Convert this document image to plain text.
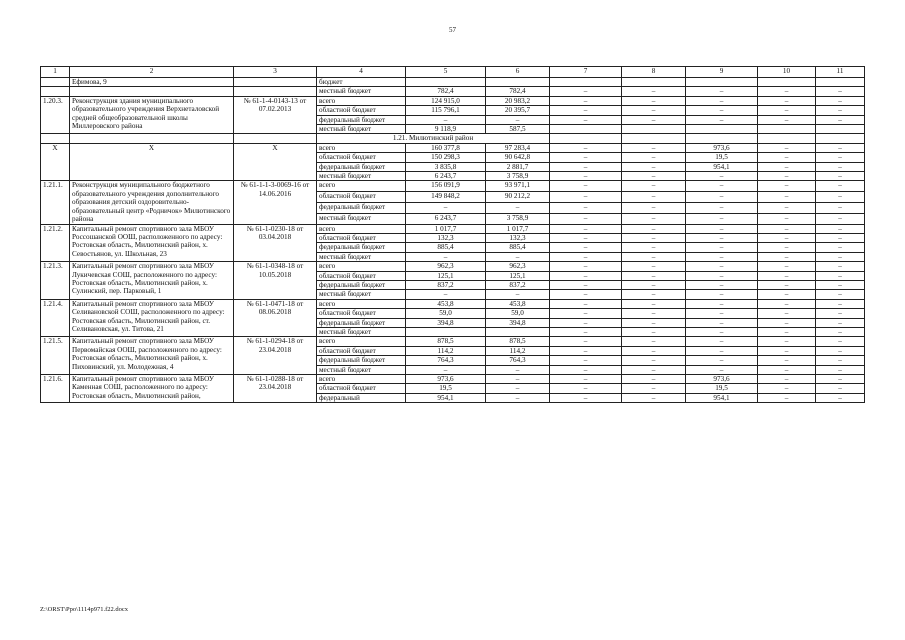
57
1	2	3	4	5	6	7	8	9	10	11
	Ефимова, 9		бюджет							
			местный бюджет	782,4	782,4	–	–	–	–	–
1.20.3.	Реконструкция здания муниципального образовательного учреждения Верхнеталовской средней общеобразовательной школы Миллеровского района	№ 61-1-4-0143-13 от 07.02.2013	всего	124 915,0	20 983,2	–	–	–	–	–
			областной бюджет	115 796,1	20 395,7	–	–	–	–	–
			федеральный бюджет	–	–	–	–	–	–	–
			местный бюджет	9 118,9	587,5					
			1.21. Милютинский район							
Х	Х	Х	всего	160 377,8	97 283,4	–	–	973,6	–	–
			областной бюджет	150 298,3	90 642,8	–	–	19,5	–	–
			федеральный бюджет	3 835,8	2 881,7	–	–	954,1	–	–
			местный бюджет	6 243,7	3 758,9	–	–	–	–	–
1.21.1.	Реконструкция муниципального бюджетного образовательного учреждения дополнительного образования детский оздоровительно-образовательный центр «Родничок» Милютинского района	№ 61-1-1-3-0069-16 от 14.06.2016	всего	156 091,9	93 971,1	–	–	–	–	–
			областной бюджет	149 848,2	90 212,2	–	–	–	–	–
			федеральный бюджет	–	–	–	–	–	–	–
			местный бюджет	6 243,7	3 758,9	–	–	–	–	–
1.21.2.	Капитальный ремонт спортивного зала МБОУ Россошанской ООШ, расположенного по адресу: Ростовская область, Милютинский район, х. Севостьянов, ул. Школьная, 23	№ 61-1-0230-18 от 03.04.2018	всего	1 017,7	1 017,7	–	–	–	–	–
			областной бюджет	132,3	132,3	–	–	–	–	–
			федеральный бюджет	885,4	885,4	–	–	–	–	–
			местный бюджет	–	–	–	–	–	–	–
1.21.3.	Капитальный ремонт спортивного зала МБОУ Лукичевская СОШ, расположенного по адресу: Ростовская область, Милютинский район, х. Сулинский, пер. Парковый, 1	№ 61-1-0348-18 от 10.05.2018	всего	962,3	962,3	–	–	–	–	–
			областной бюджет	125,1	125,1	–	–	–	–	–
			федеральный бюджет	837,2	837,2	–	–	–	–	–
			местный бюджет	–	–	–	–	–	–	–
1.21.4.	Капитальный ремонт спортивного зала МБОУ Селивановской СОШ, расположенного по адресу: Ростовская область, Милютинский район, ст. Селивановская, ул. Титова, 21	№ 61-1-0471-18 от 08.06.2018	всего	453,8	453,8	–	–	–	–	–
			областной бюджет	59,0	59,0	–	–	–	–	–
			федеральный бюджет	394,8	394,8	–	–	–	–	–
			местный бюджет			–	–	–	–	–
1.21.5.	Капитальный ремонт спортивного зала МБОУ Первомайская ООШ, расположенного по адресу: Ростовская область, Милютинский район, х. Пиховинский, ул. Молодежная, 4	№ 61-1-0294-18 от 23.04.2018	всего	878,5	878,5	–	–	–	–	–
			областной бюджет	114,2	114,2	–	–	–	–	–
			федеральный бюджет	764,3	764,3	–	–	–	–	–
			местный бюджет	–	–	–	–	–	–	–
1.21.6.	Капитальный ремонт спортивного зала МБОУ Каменная СОШ, расположенного по адресу: Ростовская область, Милютинский район,	№ 61-1-0288-18 от 23.04.2018	всего	973,6	–	–	–	973,6	–	–
			областной бюджет	19,5	–	–	–	19,5	–	–
			федеральный	954,1	–	–	–	954,1	–	–
Z:\ORST\Ppo\1114p971.f22.docx
